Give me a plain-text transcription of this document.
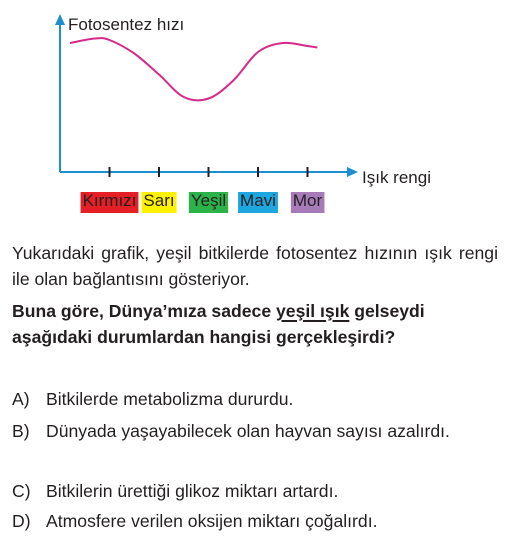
Kırmızı Sarı Yeşil Mavi Mor
Fotosentez hızı
Işık rengi
Yukarıdaki grafik, yeşil bitkilerde fotosentez hızının ışık rengi ile olan bağlantısını gösteriyor.
Buna göre, Dünya’mıza sadece yeşil ışık gelseydi aşağıdaki durumlardan hangisi gerçekleşirdi?
A) Bitkilerde metabolizma dururdu.
B) Dünyada yaşayabilecek olan hayvan sayısı azalırdı.
C) Bitkilerin ürettiği glikoz miktarı artardı.
D) Atmosfere verilen oksijen miktarı çoğalırdı.
